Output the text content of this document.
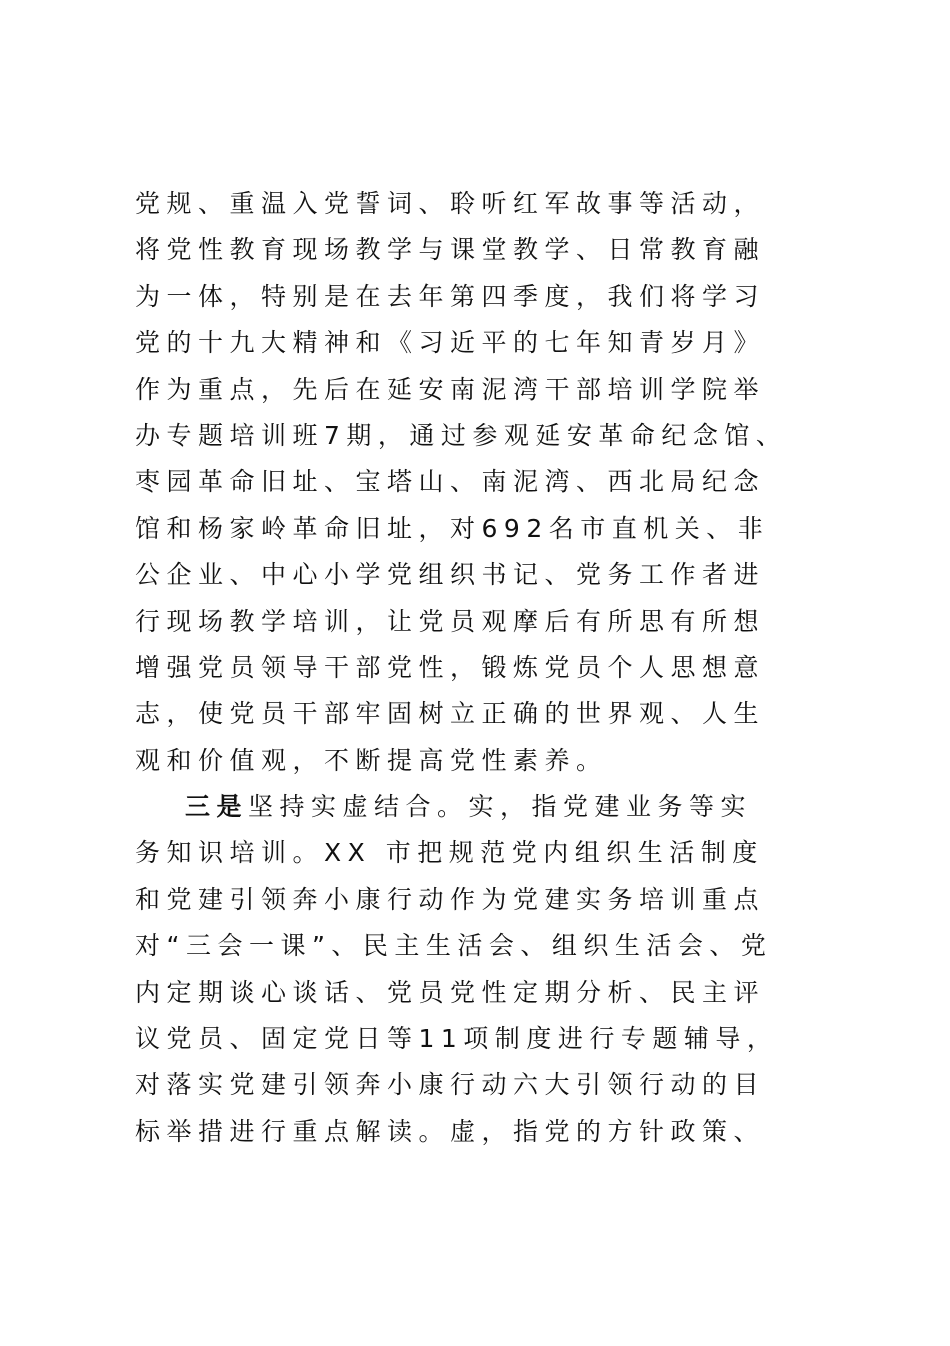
党规、重温入党誓词、聆听红军故事等活动，
将党性教育现场教学与课堂教学、日常教育融
为一体，特别是在去年第四季度，我们将学习
党的十九大精神和《习近平的七年知青岁月》
作为重点，先后在延安南泥湾干部培训学院举
办专题培训班7期，通过参观延安革命纪念馆、
枣园革命旧址、宝塔山、南泥湾、西北局纪念
馆和杨家岭革命旧址，对692名市直机关、非
公企业、中心小学党组织书记、党务工作者进
行现场教学培训，让党员观摩后有所思有所想
增强党员领导干部党性，锻炼党员个人思想意
志，使党员干部牢固树立正确的世界观、人生
观和价值观，不断提高党性素养。
三是坚持实虚结合。实，指党建业务等实
务知识培训。XX 市把规范党内组织生活制度
和党建引领奔小康行动作为党建实务培训重点
对“三会一课”、民主生活会、组织生活会、党
内定期谈心谈话、党员党性定期分析、民主评
议党员、固定党日等11项制度进行专题辅导，
对落实党建引领奔小康行动六大引领行动的目
标举措进行重点解读。虚，指党的方针政策、
